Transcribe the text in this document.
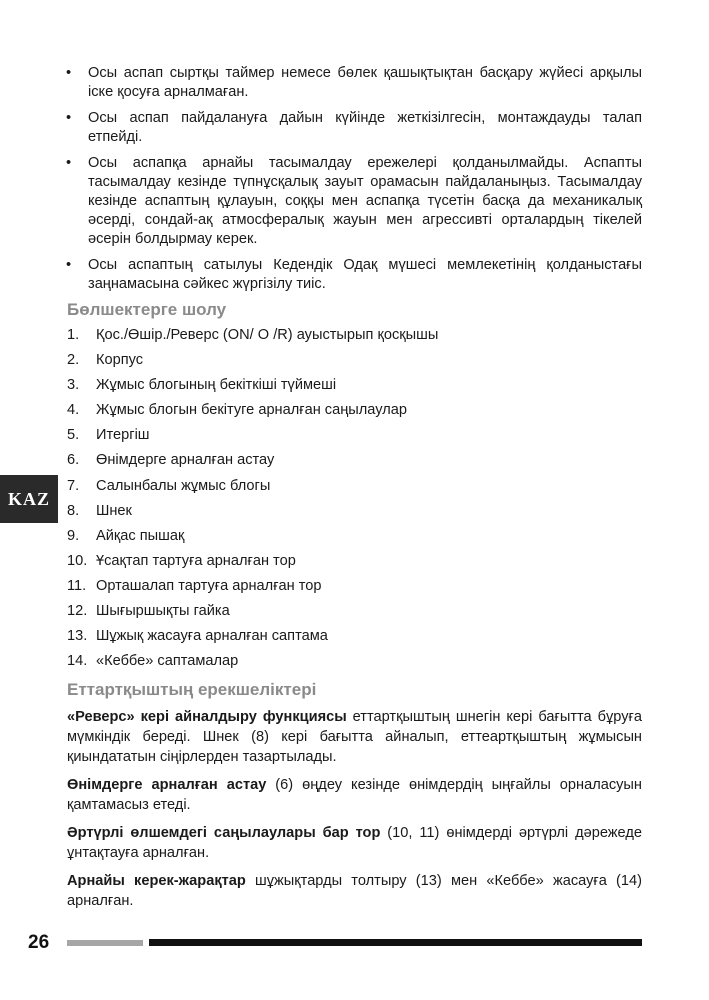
• Осы аспап сыртқы таймер немесе бөлек қашықтықтан басқару жүйесі арқылы іске қосуға арналмаған.
• Осы аспап пайдалануға дайын күйінде жеткізілгесін, монтаждауды талап етпейді.
• Осы аспапқа арнайы тасымалдау ережелері қолданылмайды. Аспапты тасымалдау кезінде түпнұсқалық зауыт орамасын пайдаланыңыз. Тасымалдау кезінде аспаптың құлауын, соққы мен аспапқа түсетін басқа да механикалық әсерді, сондай-ақ атмосфералық жауын мен агрессивті орталардың тікелей әсерін болдырмау керек.
• Осы аспаптың сатылуы Кедендік Одақ мүшесі мемлекетінің қолданыстағы заңнамасына сәйкес жүргізілу тиіс.
Бөлшектерге шолу
1. Қос./Өшір./Реверс (ON/ O /R) ауыстырып қосқышы
2. Корпус
3. Жұмыс блогының бекіткіші түймеші
4. Жұмыс блогын бекітуге арналған саңылаулар
5. Итергіш
6. Өнімдерге арналған астау
7. Салынбалы жұмыс блогы
8. Шнек
9. Айқас пышақ
10. Ұсақтап тартуға арналған тор
11. Орташалап тартуға арналған тор
12. Шығыршықты гайка
13. Шұжық жасауға арналған саптама
14. «Кеббе» саптамалар
Еттартқыштың ерекшеліктері

«Реверс» кері айналдыру функциясы еттартқыштың шнегін кері бағытта бұруға мүмкіндік береді. Шнек (8) кері бағытта айналып, еттеартқыштың жұмысын қиындататын сіңірлерден тазартылады.

Өнімдерге арналған астау (6) өңдеу кезінде өнімдердің ыңғайлы орналасуын қамтамасыз етеді.

Әртүрлі өлшемдегі саңылаулары бар тор (10, 11) өнімдерді әртүрлі дәрежеде ұнтақтауға арналған.

Арнайы керек-жарақтар шұжықтарды толтыру (13) мен «Кеббе» жасауға (14) арналған.

KAZ
26
